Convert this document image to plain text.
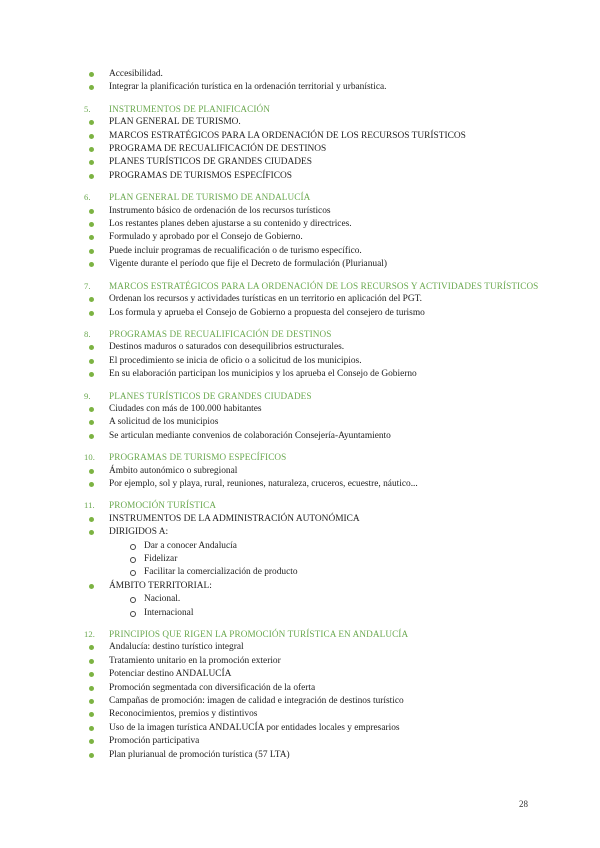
Accesibilidad.
Integrar la planificación turística en la ordenación territorial y urbanística.
5. INSTRUMENTOS DE PLANIFICACIÓN
PLAN GENERAL DE TURISMO.
MARCOS ESTRATÉGICOS PARA LA ORDENACIÓN DE LOS RECURSOS TURÍSTICOS
PROGRAMA DE RECUALIFICACIÓN DE DESTINOS
PLANES TURÍSTICOS DE GRANDES CIUDADES
PROGRAMAS DE TURISMOS ESPECÍFICOS
6. PLAN GENERAL DE TURISMO DE ANDALUCÍA
Instrumento básico de ordenación de los recursos turísticos
Los restantes planes deben ajustarse a su contenido y directrices.
Formulado y aprobado por el Consejo de Gobierno.
Puede incluir programas de recualificación o de turismo específico.
Vigente durante el período que fije el Decreto de formulación (Plurianual)
7. MARCOS ESTRATÉGICOS PARA LA ORDENACIÓN DE LOS RECURSOS Y ACTIVIDADES TURÍSTICOS
Ordenan los recursos y actividades turísticas en un territorio en aplicación del PGT.
Los formula y aprueba el Consejo de Gobierno a propuesta del consejero de turismo
8. PROGRAMAS DE RECUALIFICACIÓN DE DESTINOS
Destinos maduros o saturados con desequilibrios estructurales.
El procedimiento se inicia de oficio o a solicitud de los municipios.
En su elaboración participan los municipios y los aprueba el Consejo de Gobierno
9. PLANES TURÍSTICOS DE GRANDES CIUDADES
Ciudades con más de 100.000 habitantes
A solicitud de los municipios
Se articulan mediante convenios de colaboración Consejería-Ayuntamiento
10. PROGRAMAS DE TURISMO ESPECÍFICOS
Ámbito autonómico o subregional
Por ejemplo, sol y playa, rural, reuniones, naturaleza, cruceros, ecuestre, náutico...
11. PROMOCIÓN TURÍSTICA
INSTRUMENTOS DE LA ADMINISTRACIÓN AUTONÓMICA
DIRIGIDOS A:
Dar a conocer Andalucía
Fidelizar
Facilitar la comercialización de producto
ÁMBITO TERRITORIAL:
Nacional.
Internacional
12. PRINCIPIOS QUE RIGEN LA PROMOCIÓN TURÍSTICA EN ANDALUCÍA
Andalucía: destino turístico integral
Tratamiento unitario en la promoción exterior
Potenciar destino ANDALUCÍA
Promoción segmentada con diversificación de la oferta
Campañas de promoción: imagen de calidad e integración de destinos turístico
Reconocimientos, premios y distintivos
Uso de la imagen turística ANDALUCÍA por entidades locales y empresarios
Promoción participativa
Plan plurianual de promoción turística (57 LTA)
28
